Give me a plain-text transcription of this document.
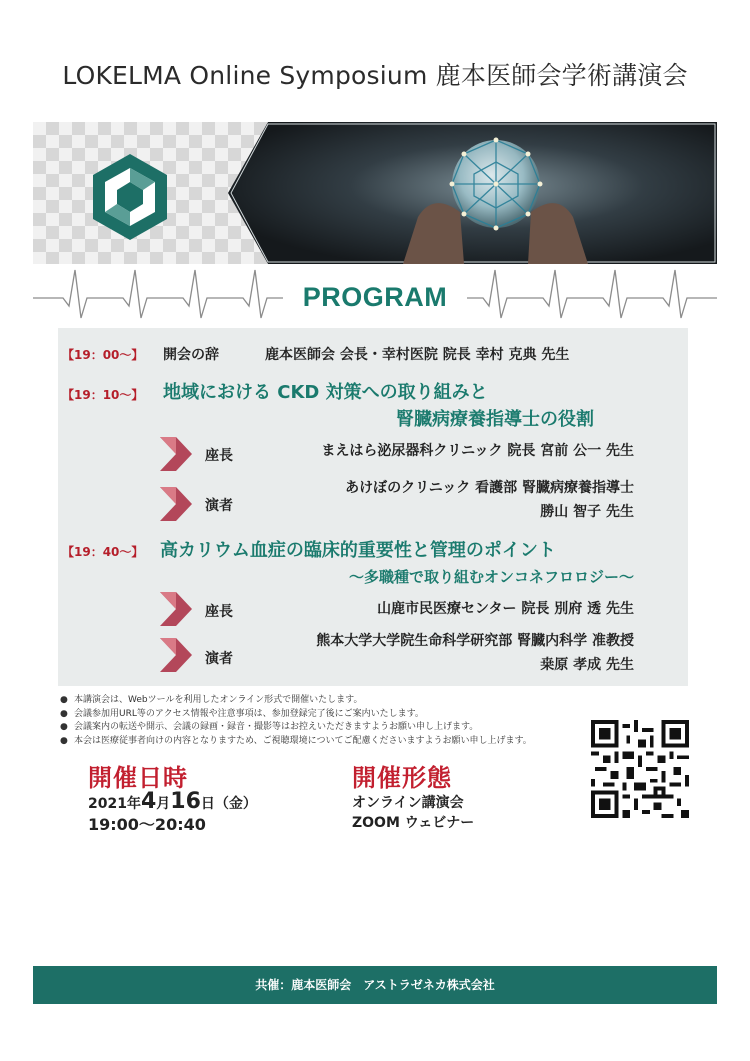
LOKELMA Online Symposium 鹿本医師会学術講演会
PROGRAM
【19：00～】 開会の辞	鹿本医師会 会長・幸村医院 院長 幸村 克典 先生
【19：10～】 地域における CKD 対策への取り組みと
腎臓病療養指導士の役割
座長	まえはら泌尿器科クリニック 院長 宮前 公一 先生
演者
あけぼのクリニック 看護部 腎臓病療養指導士
勝山 智子 先生
【19：40～】 高カリウム血症の臨床的重要性と管理のポイント
～多職種で取り組むオンコネフロロジー～
座長	山鹿市民医療センター 院長 別府 透 先生
演者
熊本大学大学院生命科学研究部 腎臓内科学 准教授
桒原 孝成 先生
● 本講演会は、Webツールを利用したオンライン形式で開催いたします。
● 会議参加用URL等のアクセス情報や注意事項は、参加登録完了後にご案内いたします。
● 会議案内の転送や開示、会議の録画・録音・撮影等はお控えいただきますようお願い申し上げます。
● 本会は医療従事者向けの内容となりますため、ご視聴環境についてご配慮くださいますようお願い申し上げます。
開催日時
2021年4月16日（金）
19:00～20:40
開催形態
オンライン講演会
ZOOM ウェビナー
共催：鹿本医師会　アストラゼネカ株式会社
